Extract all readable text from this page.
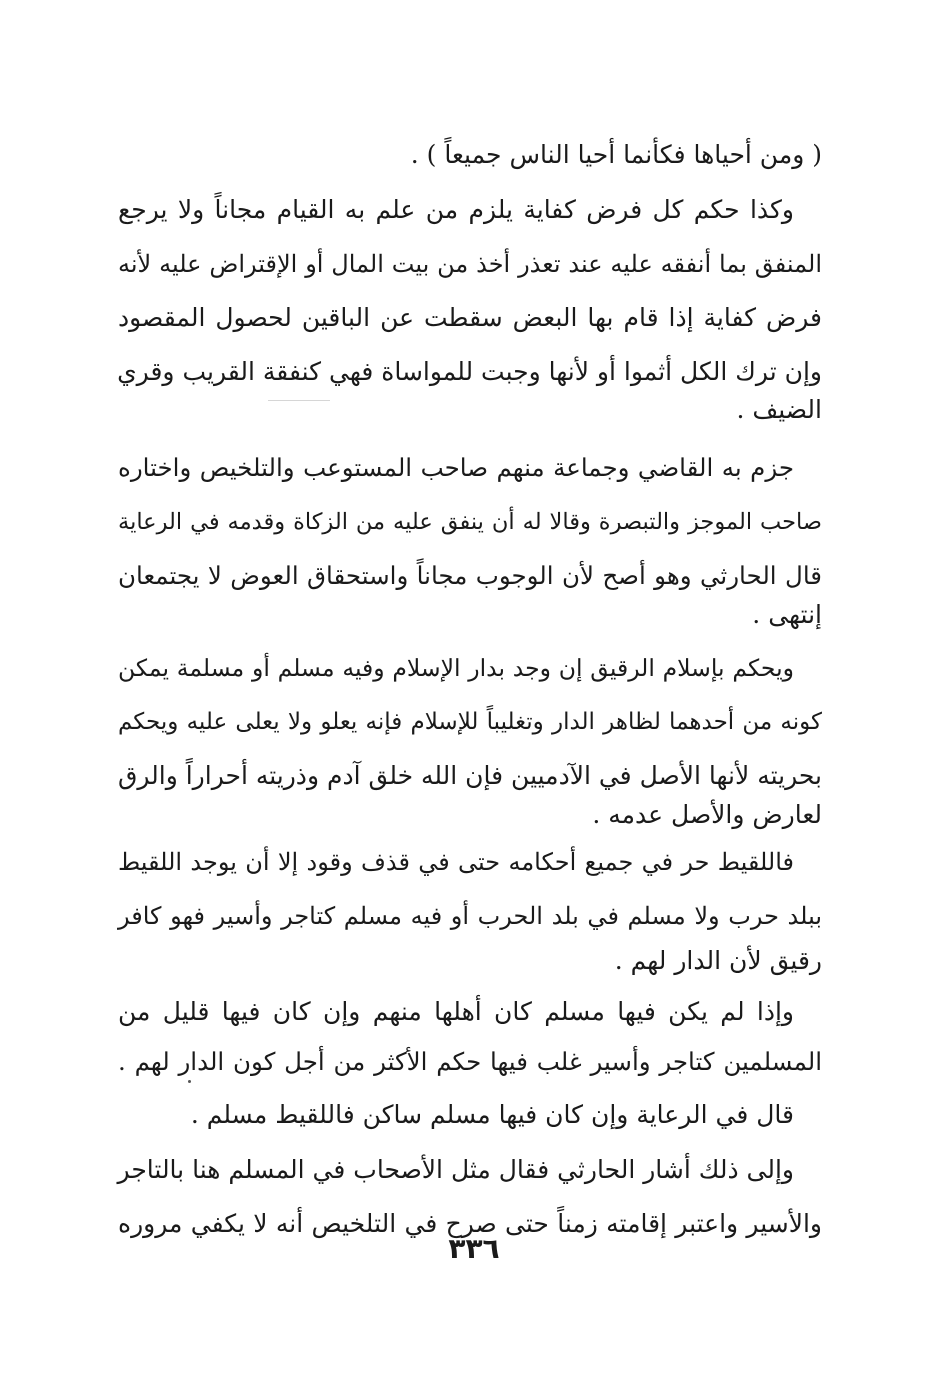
( ومن أحياها فكأنما أحيا الناس جميعاً ) .
وكذا حكم كل فرض كفاية يلزم من علم به القيام مجاناً ولا يرجع
المنفق بما أنفقه عليه عند تعذر أخذ من بيت المال أو الإقتراض عليه لأنه
فرض كفاية إذا قام بها البعض سقطت عن الباقين لحصول المقصود
وإن ترك الكل أثموا أو لأنها وجبت للمواساة فهي كنفقة القريب وقري
الضيف .
جزم به القاضي وجماعة منهم صاحب المستوعب والتلخيص واختاره
صاحب الموجز والتبصرة وقالا له أن ينفق عليه من الزكاة وقدمه في الرعاية
قال الحارثي وهو أصح لأن الوجوب مجاناً واستحقاق العوض لا يجتمعان
إنتهى .
ويحكم بإسلام الرقيق إن وجد بدار الإسلام وفيه مسلم أو مسلمة يمكن
كونه من أحدهما لظاهر الدار وتغليباً للإسلام فإنه يعلو ولا يعلى عليه ويحكم
بحريته لأنها الأصل في الآدميين فإن الله خلق آدم وذريته أحراراً والرق
لعارض والأصل عدمه .
فاللقيط حر في جميع أحكامه حتى في قذف وقود إلا أن يوجد اللقيط
ببلد حرب ولا مسلم في بلد الحرب أو فيه مسلم كتاجر وأسير فهو كافر
رقيق لأن الدار لهم .
وإذا لم يكن فيها مسلم كان أهلها منهم وإن كان فيها قليل من
المسلمين كتاجر وأسير غلب فيها حكم الأكثر من أجل كون الدار لهم .
قال في الرعاية وإن كان فيها مسلم ساكن فاللقيط مسلم .
وإلى ذلك أشار الحارثي فقال مثل الأصحاب في المسلم هنا بالتاجر
والأسير واعتبر إقامته زمناً حتى صرح في التلخيص أنه لا يكفي مروره
٣٣٦
